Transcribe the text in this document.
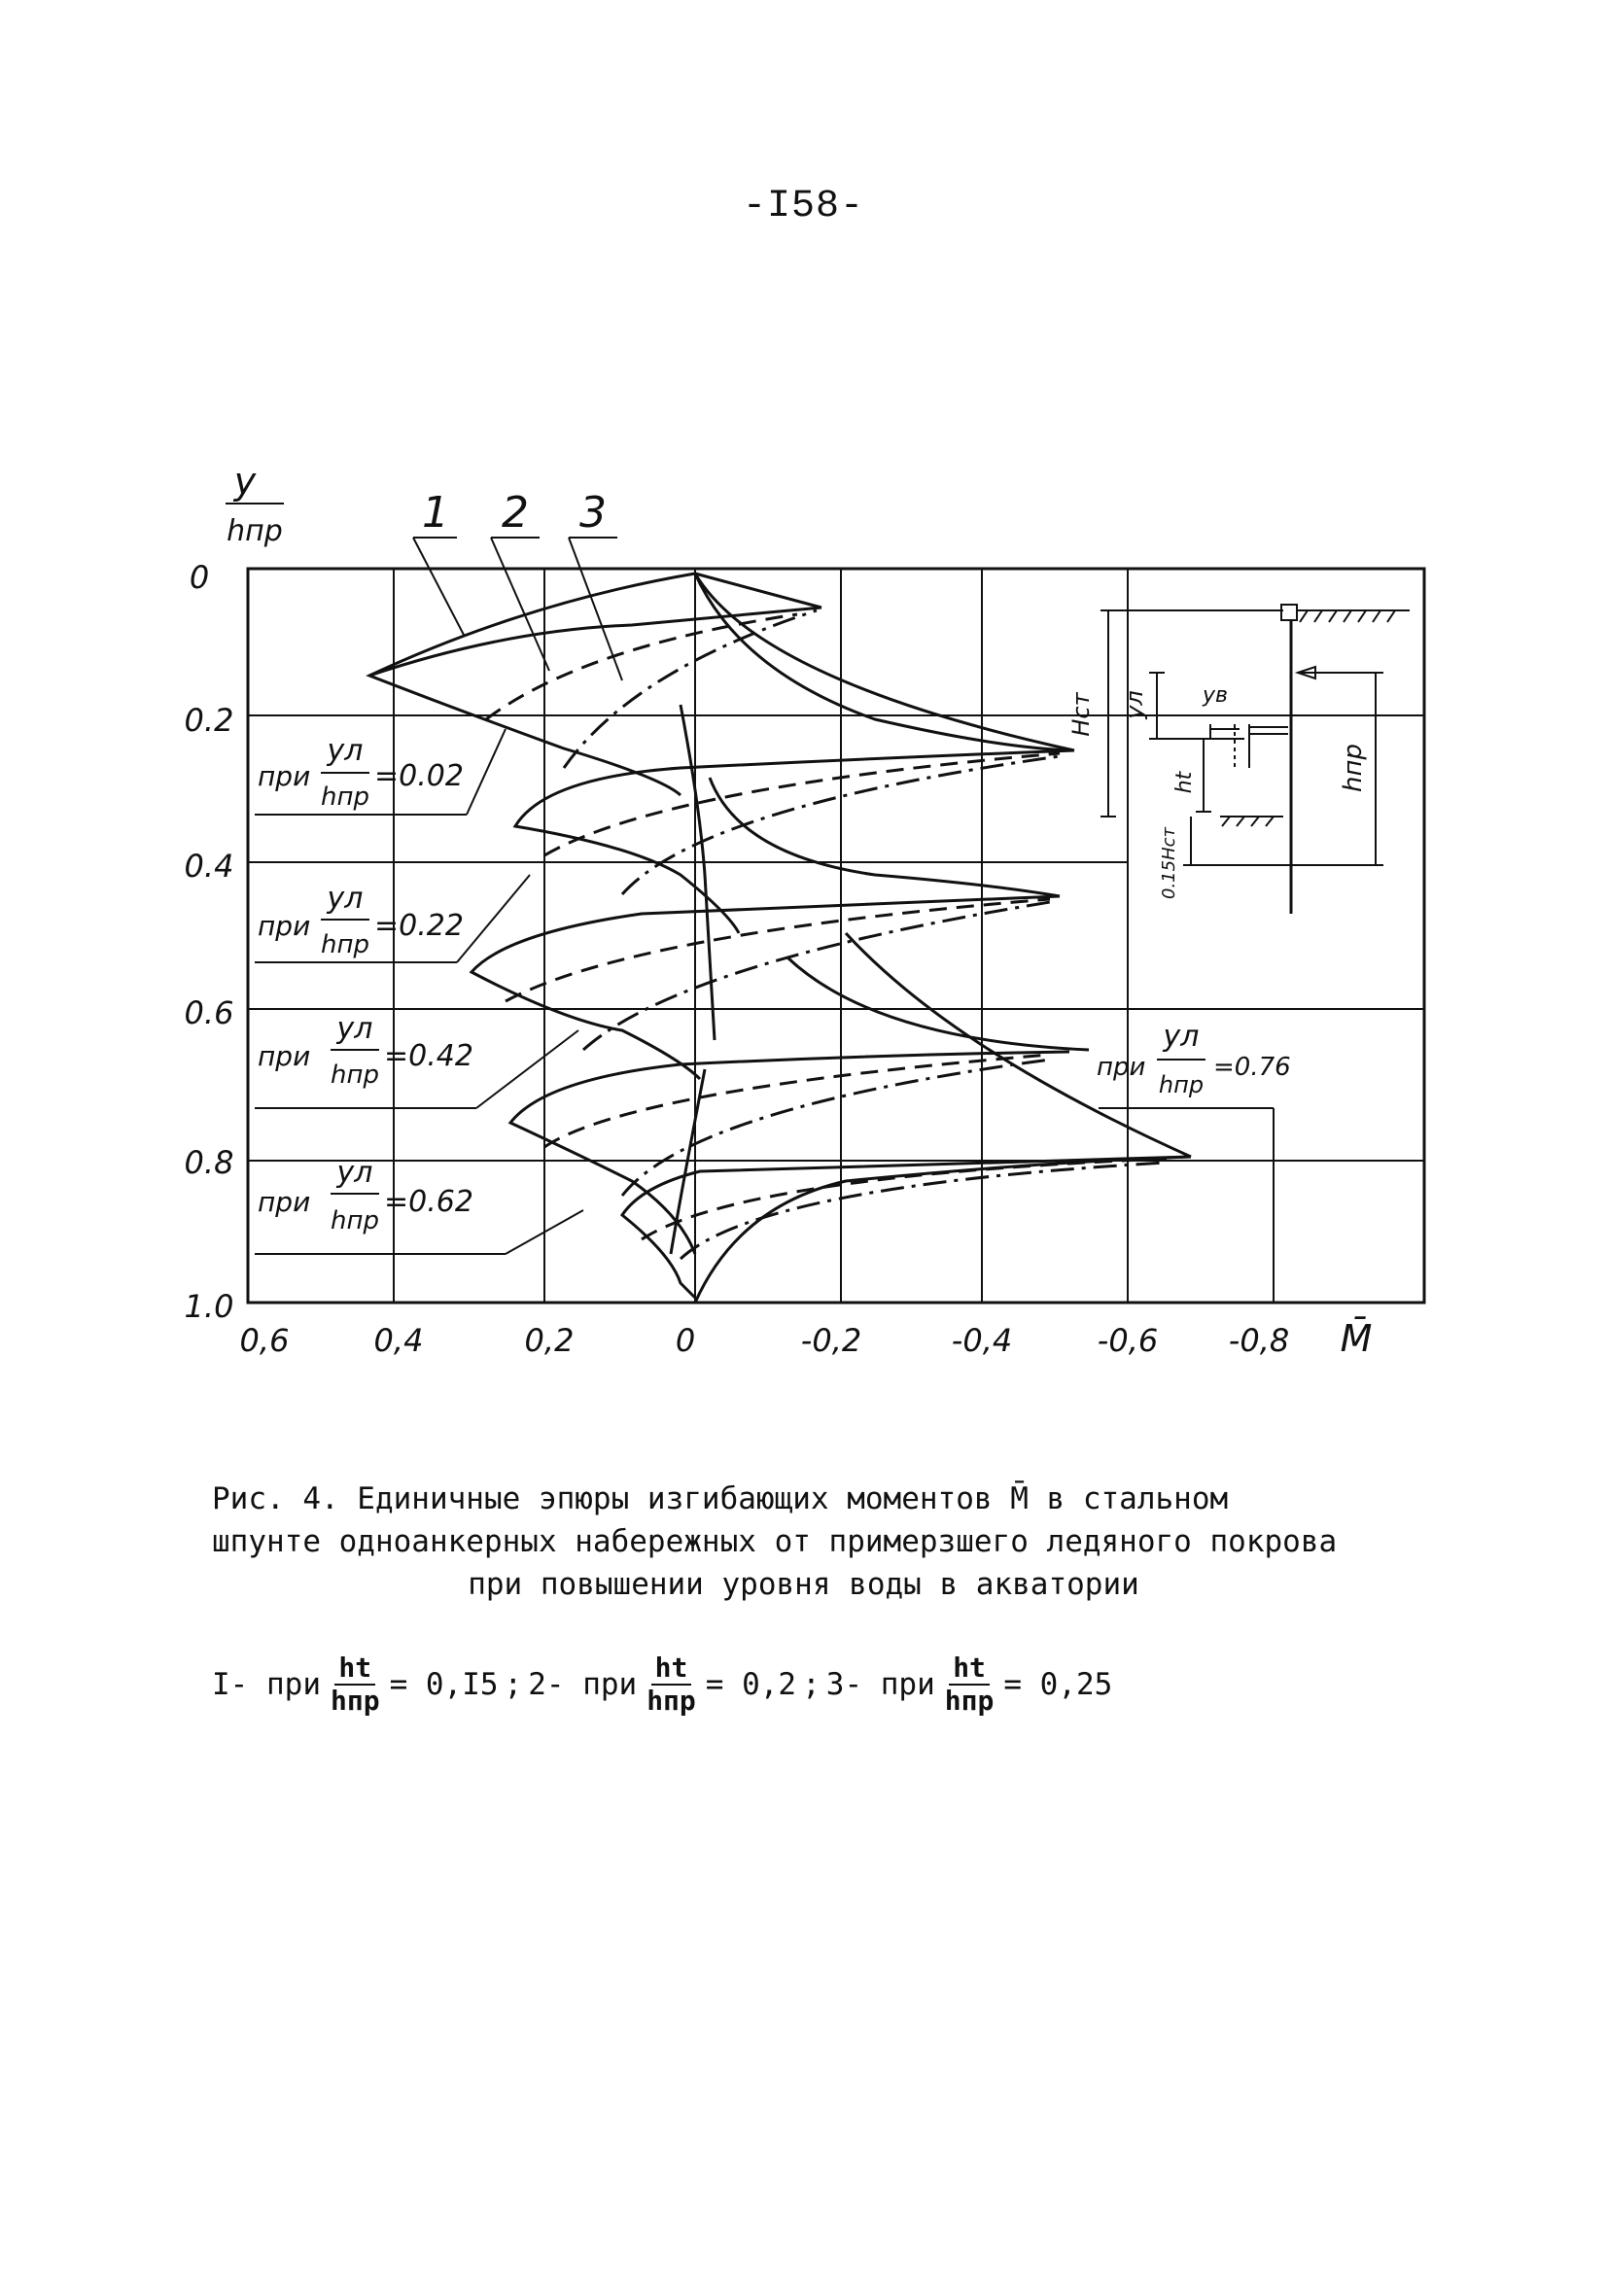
-I58-
y
hпр
0
0.2
0.4
0.6
0.8
1.0
0,6	0,4	0,2	0	-0,2	-0,4	-0,6 -0,8 M̄
1 2 3
при
yл
hпр
=0.02
при
yл
hпр
=0.22
при
yл
hпр
=0.42
при
yл
hпр
=0.62
при
yл
hпр
=0.76
Hст yл	yв
ht	hпр
0.15Hст
Рис. 4. Единичные эпюры изгибающих моментов M̄ в стальном
шпунте одноанкерных набережных от примерзшего ледяного покрова
при повышении уровня воды в акватории
I- при $\frac{ht}{\text{hпр}} = 0,I5$ ; 2- при $\frac{ht}{\text{hпр}} = 0,2$ ; 3- при $\frac{ht}{\text{hпр}} = 0,25$
